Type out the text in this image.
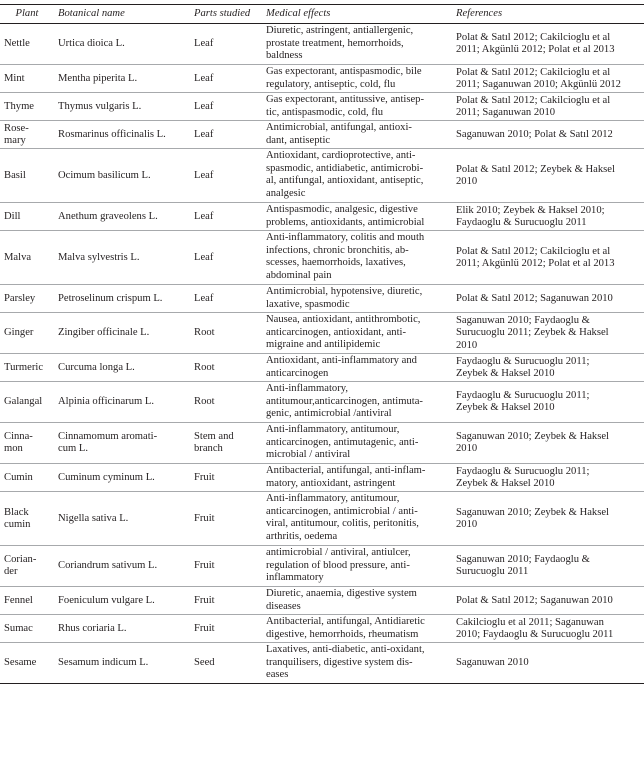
Plant	Botanical name	Parts studied	Medical effects	References
Nettle	Urtica dioica L.	Leaf	Diuretic, astringent, antiallergenic,
prostate treatment, hemorrhoids,
baldness	Polat & Satıl 2012; Cakilcioglu et al
2011; Akgünlü 2012; Polat et al 2013
Mint	Mentha piperita L.	Leaf	Gas expectorant, antispasmodic, bile
regulatory, antiseptic, cold, flu	Polat & Satıl 2012; Cakilcioglu et al
2011; Saganuwan 2010; Akgünlü 2012
Thyme	Thymus vulgaris L.	Leaf	Gas expectorant, antitussive, antisep-
tic, antispasmodic, cold, flu	Polat & Satıl 2012; Cakilcioglu et al
2011; Saganuwan 2010
Rose-
mary	Rosmarinus officinalis L.	Leaf	Antimicrobial, antifungal, antioxi-
dant, antiseptic	Saganuwan 2010; Polat & Satıl 2012
Basil	Ocimum basilicum L.	Leaf	Antioxidant, cardioprotective, anti-
spasmodic, antidiabetic, antimicrobi-
al, antifungal, antioxidant, antiseptic,
analgesic	Polat & Satıl 2012; Zeybek & Haksel
2010
Dill	Anethum graveolens L.	Leaf	Antispasmodic, analgesic, digestive
problems, antioxidants, antimicrobial	Elik 2010; Zeybek & Haksel 2010;
Faydaoglu & Surucuoglu 2011
Malva	Malva sylvestris L.	Leaf	Anti-inflammatory, colitis and mouth
infections, chronic bronchitis, ab-
scesses, haemorrhoids, laxatives,
abdominal pain	Polat & Satıl 2012; Cakilcioglu et al
2011; Akgünlü 2012; Polat et al 2013
Parsley	Petroselinum crispum L.	Leaf	Antimicrobial, hypotensive, diuretic,
laxative, spasmodic	Polat & Satıl 2012; Saganuwan 2010
Ginger	Zingiber officinale L.	Root	Nausea, antioxidant, antithrombotic,
anticarcinogen, antioxidant, anti-
migraine and antilipidemic	Saganuwan 2010; Faydaoglu &
Surucuoglu 2011; Zeybek & Haksel
2010
Turmeric	Curcuma longa L.	Root	Antioxidant, anti-inflammatory and
anticarcinogen	Faydaoglu & Surucuoglu 2011;
Zeybek & Haksel 2010
Galangal	Alpinia officinarum L.	Root	Anti-inflammatory,
antitumour,anticarcinogen, antimuta-
genic, antimicrobial /antiviral	Faydaoglu & Surucuoglu 2011;
Zeybek & Haksel 2010
Cinna-
mon	Cinnamomum aromati-
cum L.	Stem and
branch	Anti-inflammatory, antitumour,
anticarcinogen, antimutagenic, anti-
microbial / antiviral	Saganuwan 2010; Zeybek & Haksel
2010
Cumin	Cuminum cyminum L.	Fruit	Antibacterial, antifungal, anti-inflam-
matory, antioxidant, astringent	Faydaoglu & Surucuoglu 2011;
Zeybek & Haksel 2010
Black
cumin	Nigella sativa L.	Fruit	Anti-inflammatory, antitumour,
anticarcinogen, antimicrobial / anti-
viral, antitumour, colitis, peritonitis,
arthritis, oedema	Saganuwan 2010; Zeybek & Haksel
2010
Corian-
der	Coriandrum sativum L.	Fruit	antimicrobial / antiviral, antiulcer,
regulation of blood pressure, anti-
inflammatory	Saganuwan 2010; Faydaoglu &
Surucuoglu 2011
Fennel	Foeniculum vulgare L.	Fruit	Diuretic, anaemia, digestive system
diseases	Polat & Satıl 2012; Saganuwan 2010
Sumac	Rhus coriaria L.	Fruit	Antibacterial, antifungal, Antidiaretic
digestive, hemorrhoids, rheumatism	Cakilcioglu et al 2011; Saganuwan
2010; Faydaoglu & Surucuoglu 2011
Sesame	Sesamum indicum L.	Seed	Laxatives, anti-diabetic, anti-oxidant,
tranquilisers, digestive system dis-
eases	Saganuwan 2010
